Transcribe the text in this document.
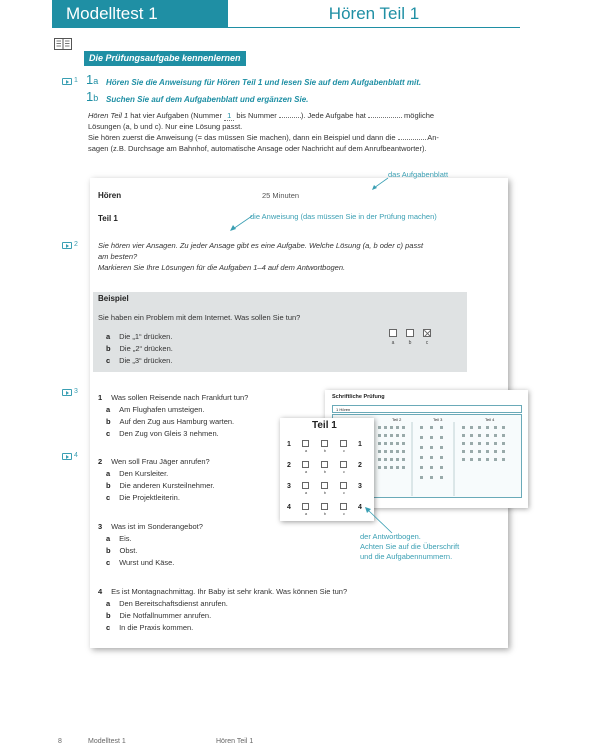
Modelltest 1	Hören Teil 1
Die Prüfungsaufgabe kennenlernen
1 1a Hören Sie die Anweisung für Hören Teil 1 und lesen Sie auf dem Aufgabenblatt mit.
1b Suchen Sie auf dem Aufgabenblatt und ergänzen Sie.
Hören Teil 1 hat vier Aufgaben (Nummer 1 bis Nummer	). Jede Aufgabe hat	mögliche
Lösungen (a, b und c). Nur eine Lösung passt.
Sie hören zuerst die Anweisung (= das müssen Sie machen), dann ein Beispiel und dann die	An-
sagen (z.B. Durchsage am Bahnhof, automatische Ansage oder Nachricht auf dem Anrufbeantworter).
das Aufgabenblatt
Hören	25 Minuten
Teil 1	die Anweisung (das müssen Sie in der Prüfung machen)
2	Sie hören vier Ansagen. Zu jeder Ansage gibt es eine Aufgabe. Welche Lösung (a, b oder c) passt
am besten?
Markieren Sie Ihre Lösungen für die Aufgaben 1–4 auf dem Antwortbogen.
Beispiel
Sie haben ein Problem mit dem Internet. Was sollen Sie tun?
a Die „1“ drücken.
b Die „2“ drücken.
c Die „3“ drücken.
a	b	c
3
4
1 Was sollen Reisende nach Frankfurt tun?
a Am Flughafen umsteigen.
b Auf den Zug aus Hamburg warten.
c Den Zug von Gleis 3 nehmen.
2 Wen soll Frau Jäger anrufen?
a Den Kursleiter.
b Die anderen Kursteilnehmer.
c Die Projektleiterin.
3 Was ist im Sonderangebot?
a Eis.
b Obst.
c Wurst und Käse.
4 Es ist Montagnachmittag. Ihr Baby ist sehr krank. Was können Sie tun?
a Den Bereitschaftsdienst anrufen.
b Die Notfallnummer anrufen.
c In die Praxis kommen.
Schriftliche Prüfung
1 Hören
Teil 2	Teil 3	Teil 4
Teil 1
1	1
a	b	c
2	2
a	b	c
3	3
a	b	c
4	4
a	b	c
der Antwortbogen.
Achten Sie auf die Überschrift
und die Aufgabennummern.
8	Modelltest 1	Hören Teil 1
